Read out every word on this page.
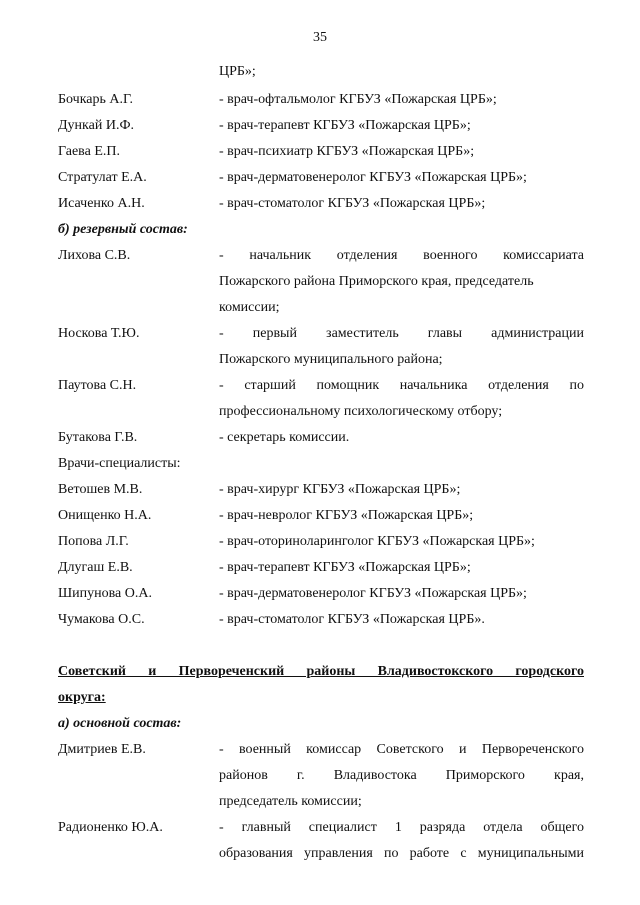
35
ЦРБ»;
Бочкарь А.Г.	- врач-офтальмолог КГБУЗ «Пожарская ЦРБ»;
Дункай И.Ф.	- врач-терапевт КГБУЗ «Пожарская ЦРБ»;
Гаева Е.П.	- врач-психиатр КГБУЗ «Пожарская ЦРБ»;
Стратулат Е.А.	- врач-дерматовенеролог КГБУЗ «Пожарская ЦРБ»;
Исаченко А.Н.	- врач-стоматолог КГБУЗ «Пожарская ЦРБ»;
б) резервный состав:
Лихова С.В.	- начальник отделения военного комиссариата
Пожарского района Приморского края, председатель
комиссии;
Носкова Т.Ю.	- первый заместитель главы администрации
Пожарского муниципального района;
Паутова С.Н.	- старший помощник начальника отделения по
профессиональному психологическому отбору;
Бутакова Г.В.	- секретарь комиссии.
Врачи-специалисты:
Ветошев М.В.	- врач-хирург КГБУЗ «Пожарская ЦРБ»;
Онищенко Н.А.	- врач-невролог КГБУЗ «Пожарская ЦРБ»;
Попова Л.Г.	- врач-оториноларинголог КГБУЗ «Пожарская ЦРБ»;
Длугаш Е.В.	- врач-терапевт КГБУЗ «Пожарская ЦРБ»;
Шипунова О.А.	- врач-дерматовенеролог КГБУЗ «Пожарская ЦРБ»;
Чумакова О.С.	- врач-стоматолог КГБУЗ «Пожарская ЦРБ».
Советский и Первореченский районы Владивостокского городского
округа:
а) основной состав:
Дмитриев Е.В.	- военный комиссар Советского и Первореченского
районов г. Владивостока Приморского края,
председатель комиссии;
Радионенко Ю.А.	- главный специалист 1 разряда отдела общего
образования управления по работе с муниципальными
